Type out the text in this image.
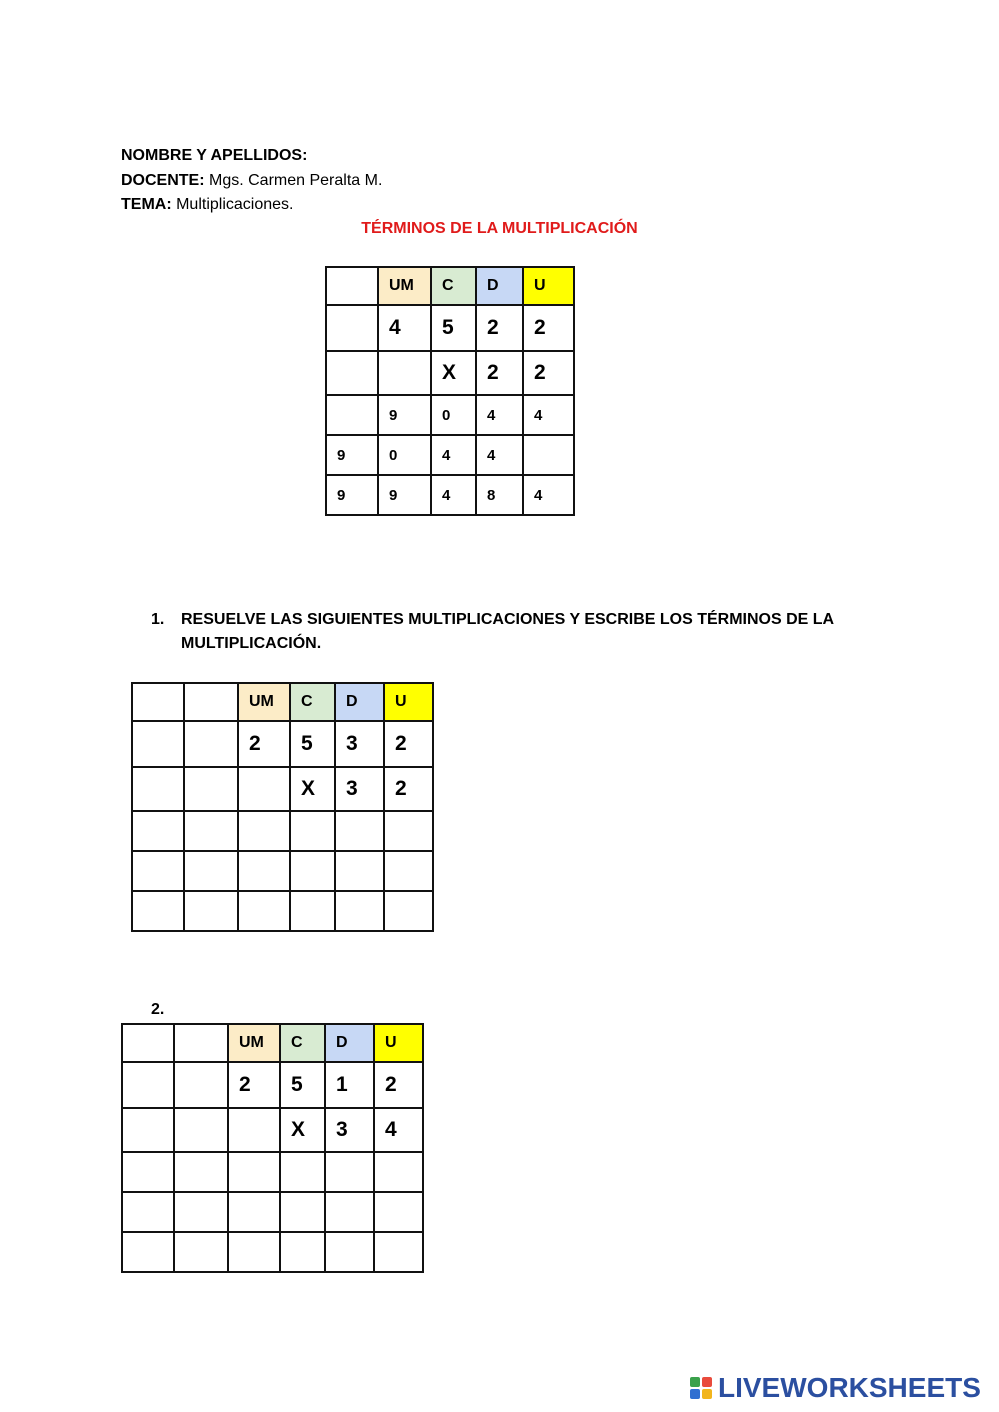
NOMBRE Y APELLIDOS:
DOCENTE: Mgs. Carmen Peralta M.
TEMA: Multiplicaciones.
TÉRMINOS DE LA MULTIPLICACIÓN
	UM	C	D	U
	4	5	2	2
		X	2	2
	9	0	4	4
9	0	4	4	
9	9	4	8	4
1. RESUELVE LAS SIGUIENTES MULTIPLICACIONES Y ESCRIBE LOS TÉRMINOS DE LA MULTIPLICACIÓN.
		UM	C	D	U
		2	5	3	2
			X	3	2

2.
		UM	C	D	U
		2	5	1	2
			X	3	4

LIVEWORKSHEETS
